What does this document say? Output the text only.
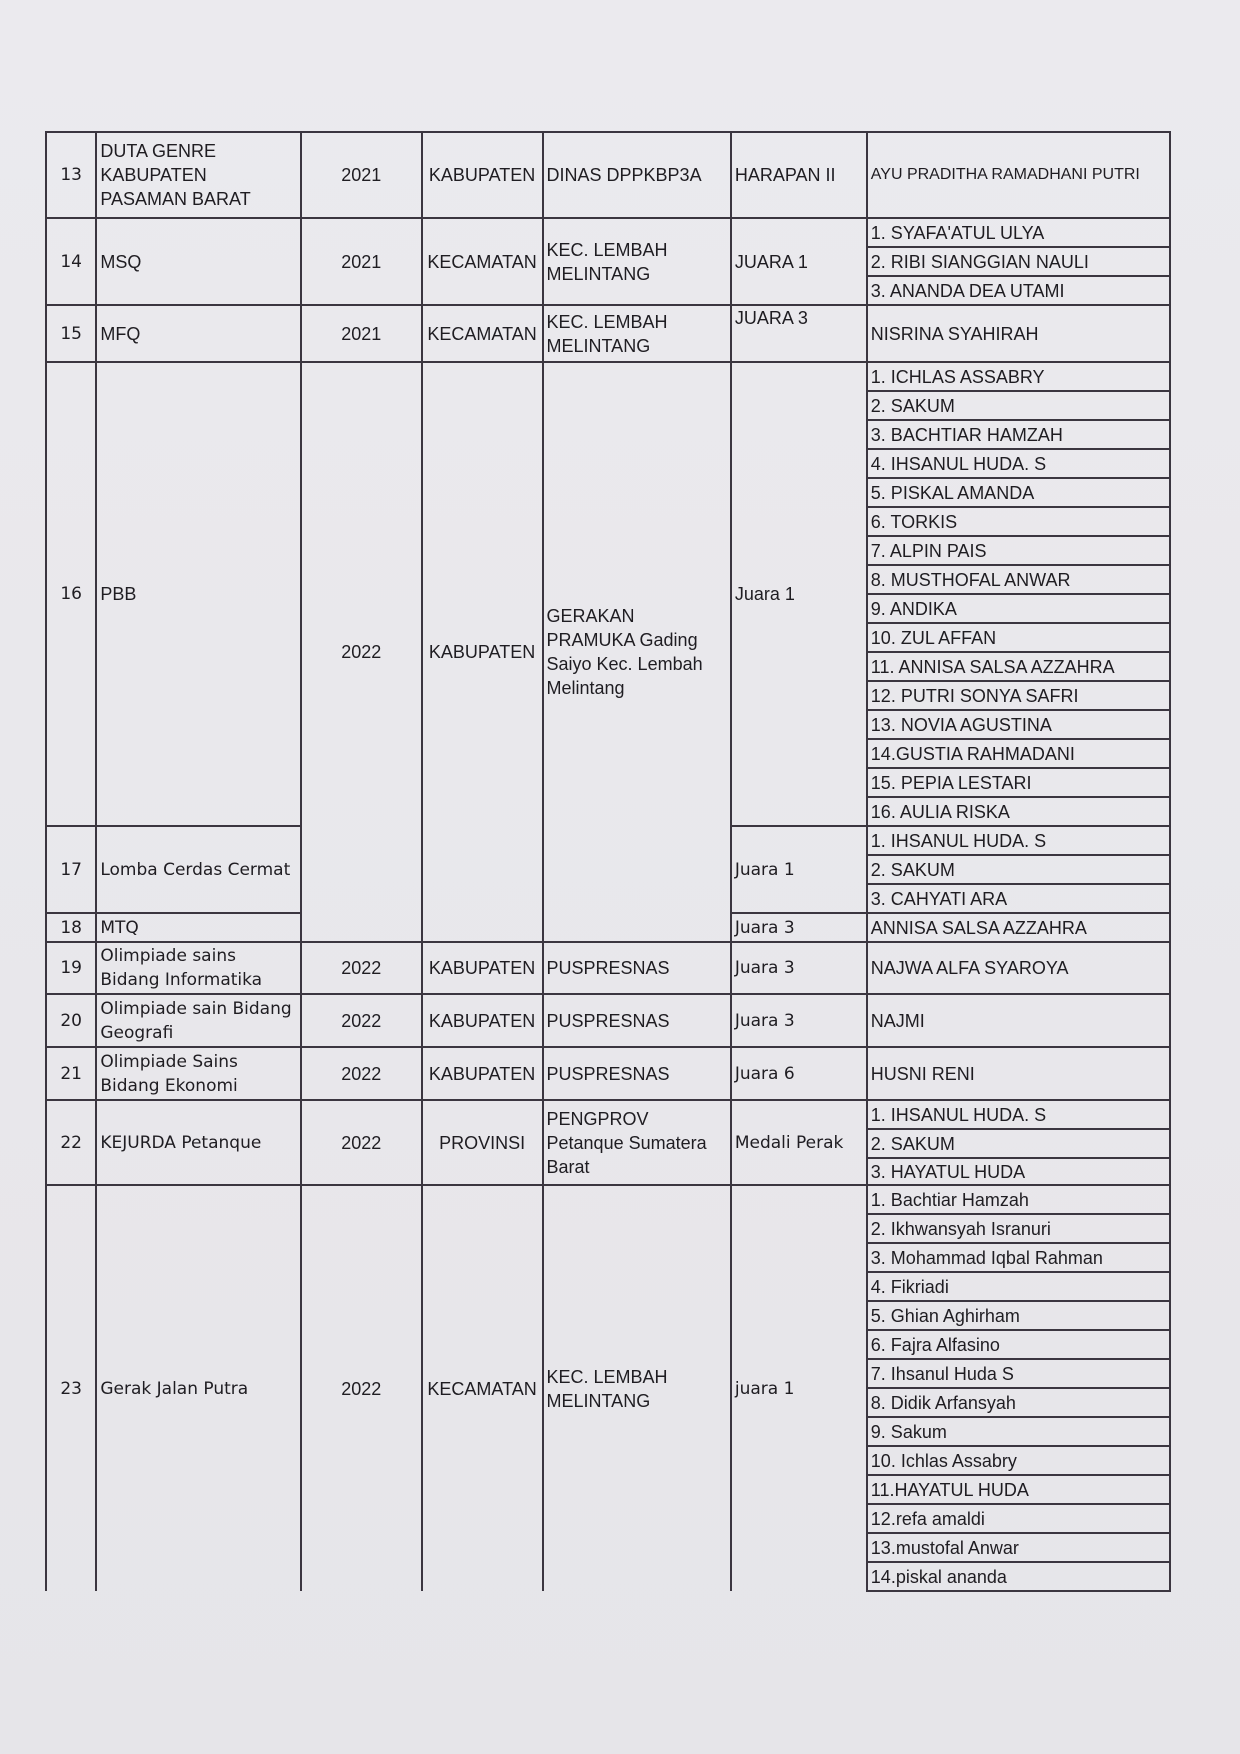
13	DUTA GENRE KABUPATEN PASAMAN BARAT	2021	KABUPATEN	DINAS DPPKBP3A	HARAPAN II	AYU PRADITHA RAMADHANI PUTRI
14	MSQ	2021	KECAMATAN	KEC. LEMBAH MELINTANG	JUARA 1	1. SYAFA'ATUL ULYA
						2. RIBI SIANGGIAN NAULI
						3. ANANDA DEA UTAMI
15	MFQ	2021	KECAMATAN	KEC. LEMBAH MELINTANG	JUARA 3	NISRINA SYAHIRAH
16	PBB	2022	KABUPATEN	GERAKAN PRAMUKA Gading Saiyo Kec. Lembah Melintang	Juara 1	1. ICHLAS ASSABRY
						2. SAKUM
						3. BACHTIAR HAMZAH
						4. IHSANUL HUDA. S
						5. PISKAL AMANDA
						6. TORKIS
						7. ALPIN PAIS
						8. MUSTHOFAL ANWAR
						9. ANDIKA
						10. ZUL AFFAN
						11. ANNISA SALSA AZZAHRA
						12. PUTRI SONYA SAFRI
						13. NOVIA AGUSTINA
						14.GUSTIA RAHMADANI
						15. PEPIA LESTARI
						16. AULIA RISKA
17	Lomba Cerdas Cermat				Juara 1	1. IHSANUL HUDA. S
						2. SAKUM
						3. CAHYATI ARA
18	MTQ				Juara 3	ANNISA SALSA AZZAHRA
19	Olimpiade sains Bidang Informatika	2022	KABUPATEN	PUSPRESNAS	Juara 3	NAJWA ALFA SYAROYA
20	Olimpiade sain Bidang Geografi	2022	KABUPATEN	PUSPRESNAS	Juara 3	NAJMI
21	Olimpiade Sains Bidang Ekonomi	2022	KABUPATEN	PUSPRESNAS	Juara 6	HUSNI RENI
22	KEJURDA Petanque	2022	PROVINSI	PENGPROV Petanque Sumatera Barat	Medali Perak	1. IHSANUL HUDA. S
						2. SAKUM
						3. HAYATUL HUDA
23	Gerak Jalan Putra	2022	KECAMATAN	KEC. LEMBAH MELINTANG	juara 1	1. Bachtiar Hamzah
						2. Ikhwansyah Isranuri
						3. Mohammad Iqbal Rahman
						4. Fikriadi
						5. Ghian Aghirham
						6. Fajra Alfasino
						7. Ihsanul Huda S
						8. Didik Arfansyah
						9. Sakum
						10. Ichlas Assabry
						11.HAYATUL HUDA
						12.refa amaldi
						13.mustofal Anwar
						14.piskal ananda
